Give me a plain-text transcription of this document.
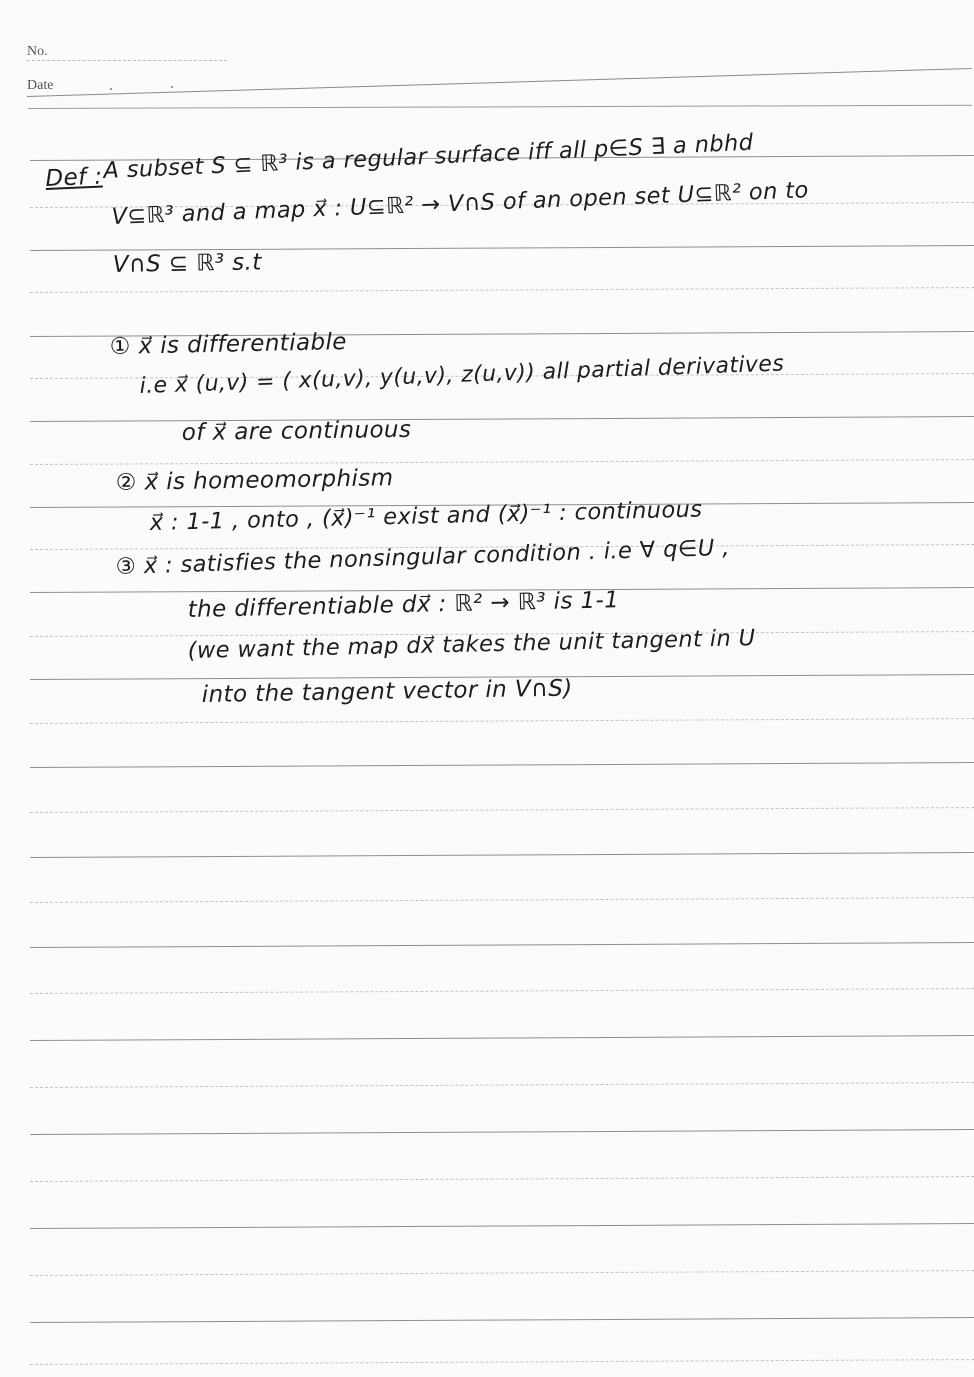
No.
Date
Def : A subset S ⊆ ℝ³ is a regular surface iff all p∈S ∃ a nbhd
V⊆ℝ³ and a map x⃗ : U⊆ℝ² → V∩S of an open set U⊆ℝ² on to
V∩S ⊆ ℝ³ s.t
① x⃗ is differentiable
i.e x⃗ (u,v) = ( x(u,v), y(u,v), z(u,v)) all partial derivatives
of x⃗ are continuous
② x⃗ is homeomorphism
x⃗ : 1-1 , onto , (x⃗)⁻¹ exist and (x⃗)⁻¹ : continuous
③ x⃗ : satisfies the nonsingular condition . i.e ∀ q∈U ,
the differentiable dx⃗ : ℝ² → ℝ³ is 1-1
(we want the map dx⃗ takes the unit tangent in U
into the tangent vector in V∩S)
